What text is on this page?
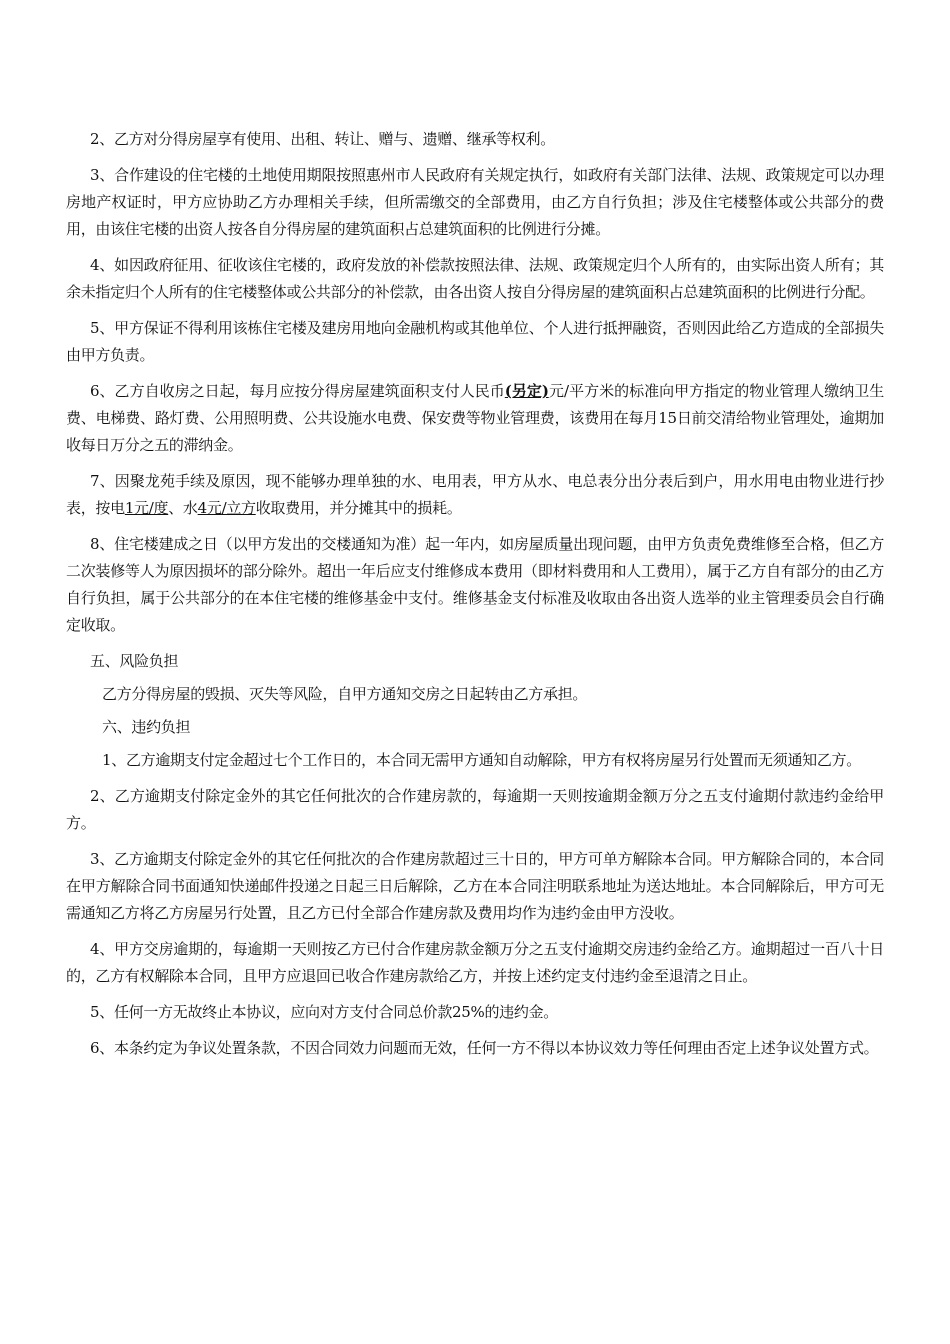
2、乙方对分得房屋享有使用、出租、转让、赠与、遗赠、继承等权利。

3、合作建设的住宅楼的土地使用期限按照惠州市人民政府有关规定执行，如政府有关部门法律、法规、政策规定可以办理房地产权证时，甲方应协助乙方办理相关手续，但所需缴交的全部费用，由乙方自行负担；涉及住宅楼整体或公共部分的费用，由该住宅楼的出资人按各自分得房屋的建筑面积占总建筑面积的比例进行分摊。

4、如因政府征用、征收该住宅楼的，政府发放的补偿款按照法律、法规、政策规定归个人所有的，由实际出资人所有；其余未指定归个人所有的住宅楼整体或公共部分的补偿款，由各出资人按自分得房屋的建筑面积占总建筑面积的比例进行分配。

5、甲方保证不得利用该栋住宅楼及建房用地向金融机构或其他单位、个人进行抵押融资，否则因此给乙方造成的全部损失由甲方负责。

6、乙方自收房之日起，每月应按分得房屋建筑面积支付人民币(另定)元/平方米的标准向甲方指定的物业管理人缴纳卫生费、电梯费、路灯费、公用照明费、公共设施水电费、保安费等物业管理费，该费用在每月15日前交清给物业管理处，逾期加收每日万分之五的滞纳金。

7、因聚龙苑手续及原因，现不能够办理单独的水、电用表，甲方从水、电总表分出分表后到户，用水用电由物业进行抄表，按电1元/度、水4元/立方收取费用，并分摊其中的损耗。

8、住宅楼建成之日（以甲方发出的交楼通知为准）起一年内，如房屋质量出现问题，由甲方负责免费维修至合格，但乙方二次装修等人为原因损坏的部分除外。超出一年后应支付维修成本费用（即材料费用和人工费用），属于乙方自有部分的由乙方自行负担，属于公共部分的在本住宅楼的维修基金中支付。维修基金支付标准及收取由各出资人选举的业主管理委员会自行确定收取。

五、风险负担

乙方分得房屋的毁损、灭失等风险，自甲方通知交房之日起转由乙方承担。

六、违约负担

1、乙方逾期支付定金超过七个工作日的，本合同无需甲方通知自动解除，甲方有权将房屋另行处置而无须通知乙方。

2、乙方逾期支付除定金外的其它任何批次的合作建房款的，每逾期一天则按逾期金额万分之五支付逾期付款违约金给甲方。

3、乙方逾期支付除定金外的其它任何批次的合作建房款超过三十日的，甲方可单方解除本合同。甲方解除合同的，本合同在甲方解除合同书面通知快递邮件投递之日起三日后解除，乙方在本合同注明联系地址为送达地址。本合同解除后，甲方可无需通知乙方将乙方房屋另行处置，且乙方已付全部合作建房款及费用均作为违约金由甲方没收。

4、甲方交房逾期的，每逾期一天则按乙方已付合作建房款金额万分之五支付逾期交房违约金给乙方。逾期超过一百八十日的，乙方有权解除本合同，且甲方应退回已收合作建房款给乙方，并按上述约定支付违约金至退清之日止。

5、任何一方无故终止本协议，应向对方支付合同总价款25%的违约金。

6、本条约定为争议处置条款，不因合同效力问题而无效，任何一方不得以本协议效力等任何理由否定上述争议处置方式。
